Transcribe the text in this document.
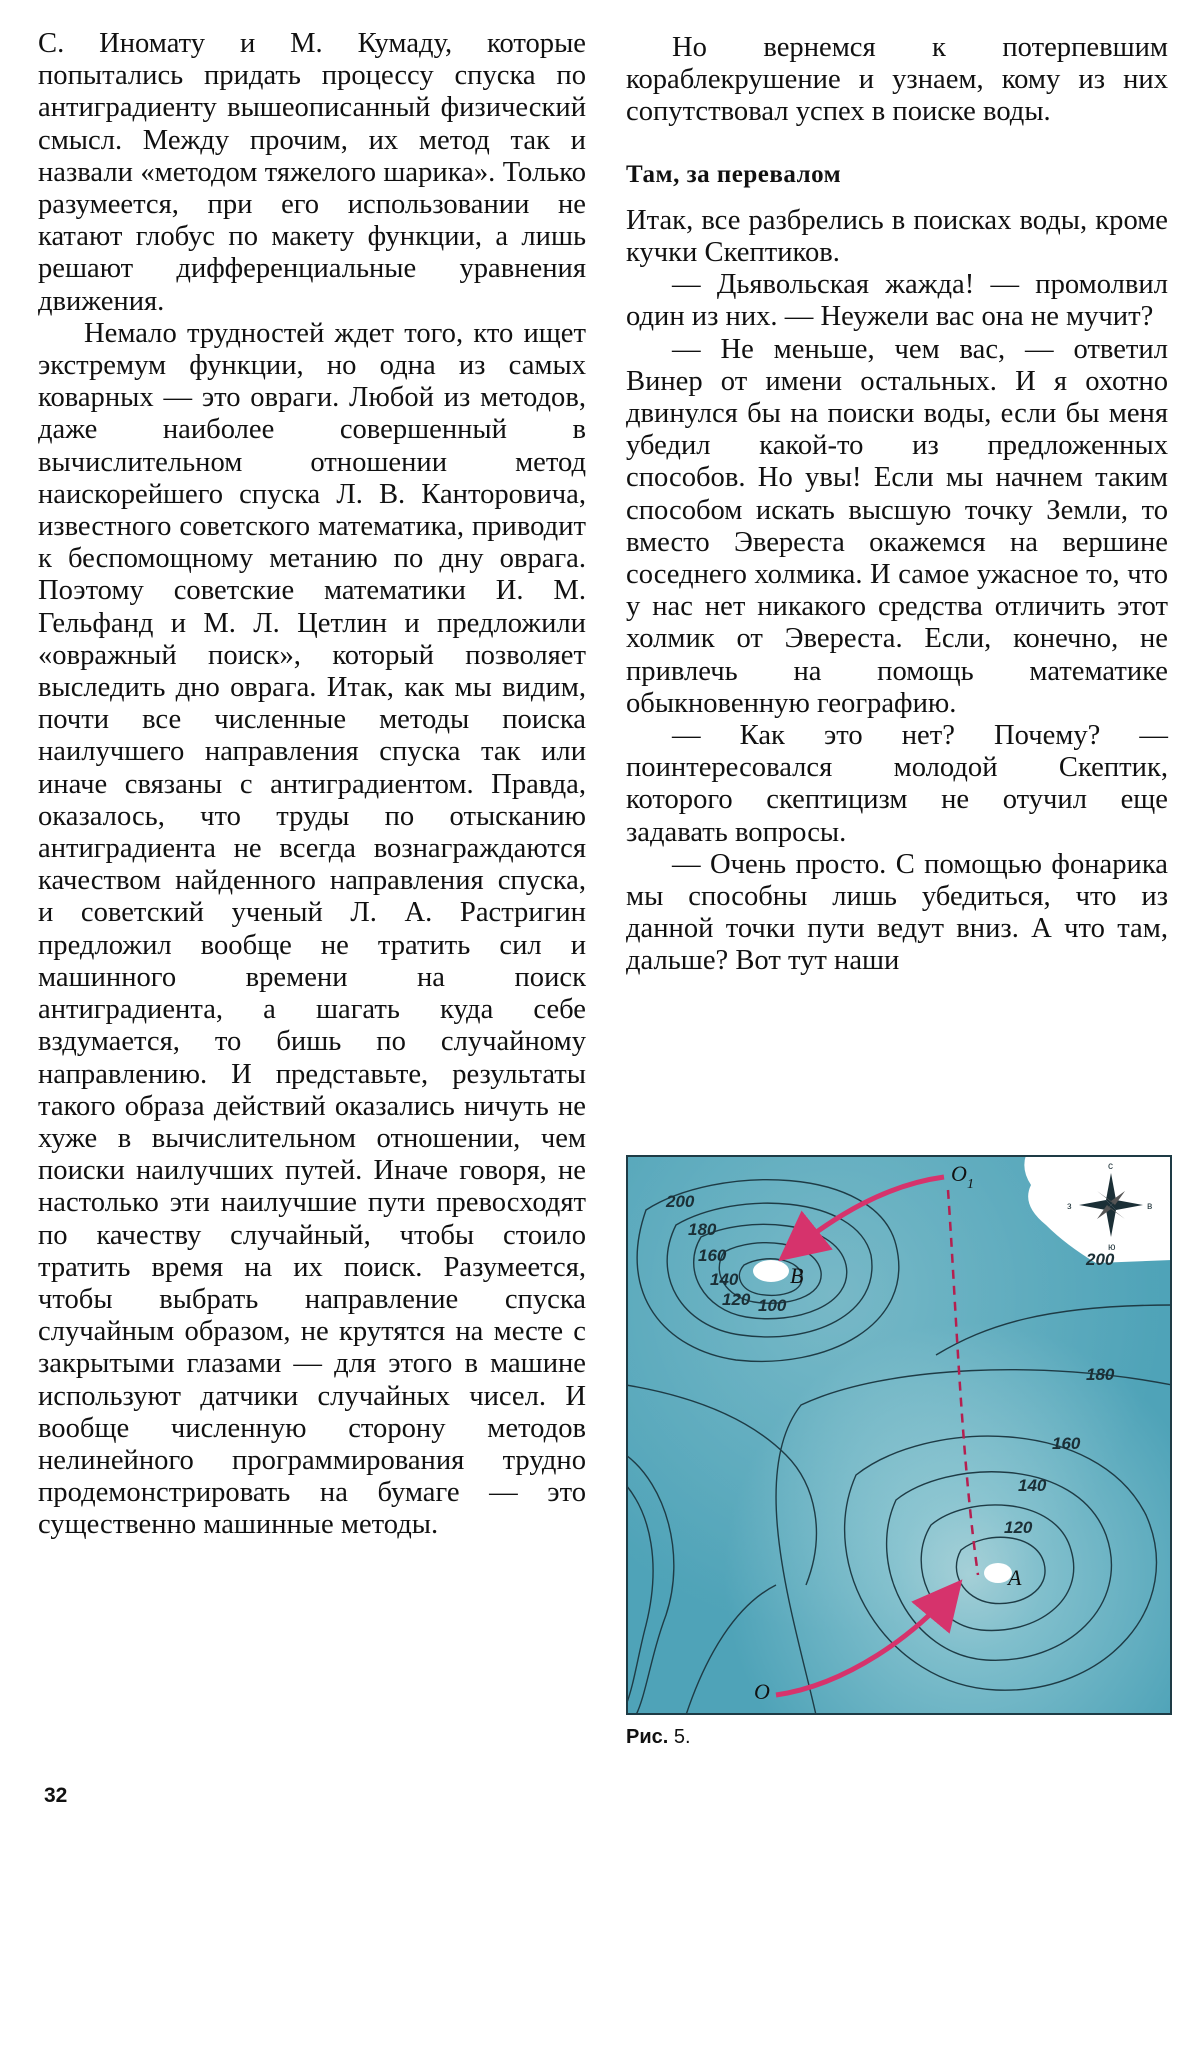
С. Иномату и М. Кумаду, которые попытались придать процессу спуска по антиградиенту вышеописанный физический смысл. Между прочим, их метод так и назвали «методом тяжелого шарика». Только разумеется, при его использовании не катают глобус по макету функции, а лишь решают дифференциальные уравнения движения.

Немало трудностей ждет того, кто ищет экстремум функции, но одна из самых коварных — это овраги. Любой из методов, даже наиболее совершенный в вычислительном отношении метод наискорейшего спуска Л. В. Канторовича, известного советского математика, приводит к беспомощному метанию по дну оврага. Поэтому советские математики И. М. Гельфанд и М. Л. Цетлин и предложили «овражный поиск», который позволяет выследить дно оврага. Итак, как мы видим, почти все численные методы поиска наилучшего направления спуска так или иначе связаны с антиградиентом. Правда, оказалось, что труды по отысканию антиградиента не всегда вознаграждаются качеством найденного направления спуска, и советский ученый Л. А. Растригин предложил вообще не тратить сил и машинного времени на поиск антиградиента, а шагать куда себе вздумается, то бишь по случайному направлению. И представьте, результаты такого образа действий оказались ничуть не хуже в вычислительном отношении, чем поиски наилучших путей. Иначе говоря, не настолько эти наилучшие пути превосходят по качеству случайный, чтобы стоило тратить время на их поиск. Разумеется, чтобы выбрать направление спуска случайным образом, не крутятся на месте с закрытыми глазами — для этого в машине используют датчики случайных чисел. И вообще численную сторону методов нелинейного программирования трудно продемонстрировать на бумаге — это существенно машинные методы.

Но вернемся к потерпевшим кораблекрушение и узнаем, кому из них сопутствовал успех в поиске воды.

Там, за перевалом

Итак, все разбрелись в поисках воды, кроме кучки Скептиков.

— Дьявольская жажда! — промолвил один из них. — Неужели вас она не мучит?

— Не меньше, чем вас, — ответил Винер от имени остальных. И я охотно двинулся бы на поиски воды, если бы меня убедил какой-то из предложенных способов. Но увы! Если мы начнем таким способом искать высшую точку Земли, то вместо Эвереста окажемся на вершине соседнего холмика. И самое ужасное то, что у нас нет никакого средства отличить этот холмик от Эвереста. Если, конечно, не привлечь на помощь математике обыкновенную географию.

— Как это нет? Почему? — поинтересовался молодой Скептик, которого скептицизм не отучил еще задавать вопросы.

— Очень просто. С помощью фонарика мы способны лишь убедиться, что из данной точки пути ведут вниз. А что там, дальше? Вот тут наши

200
180
160
140
120 100
200
180
160
140
120
B
A
O
O 1
с
ю
з	в
Рис. 5.
32
